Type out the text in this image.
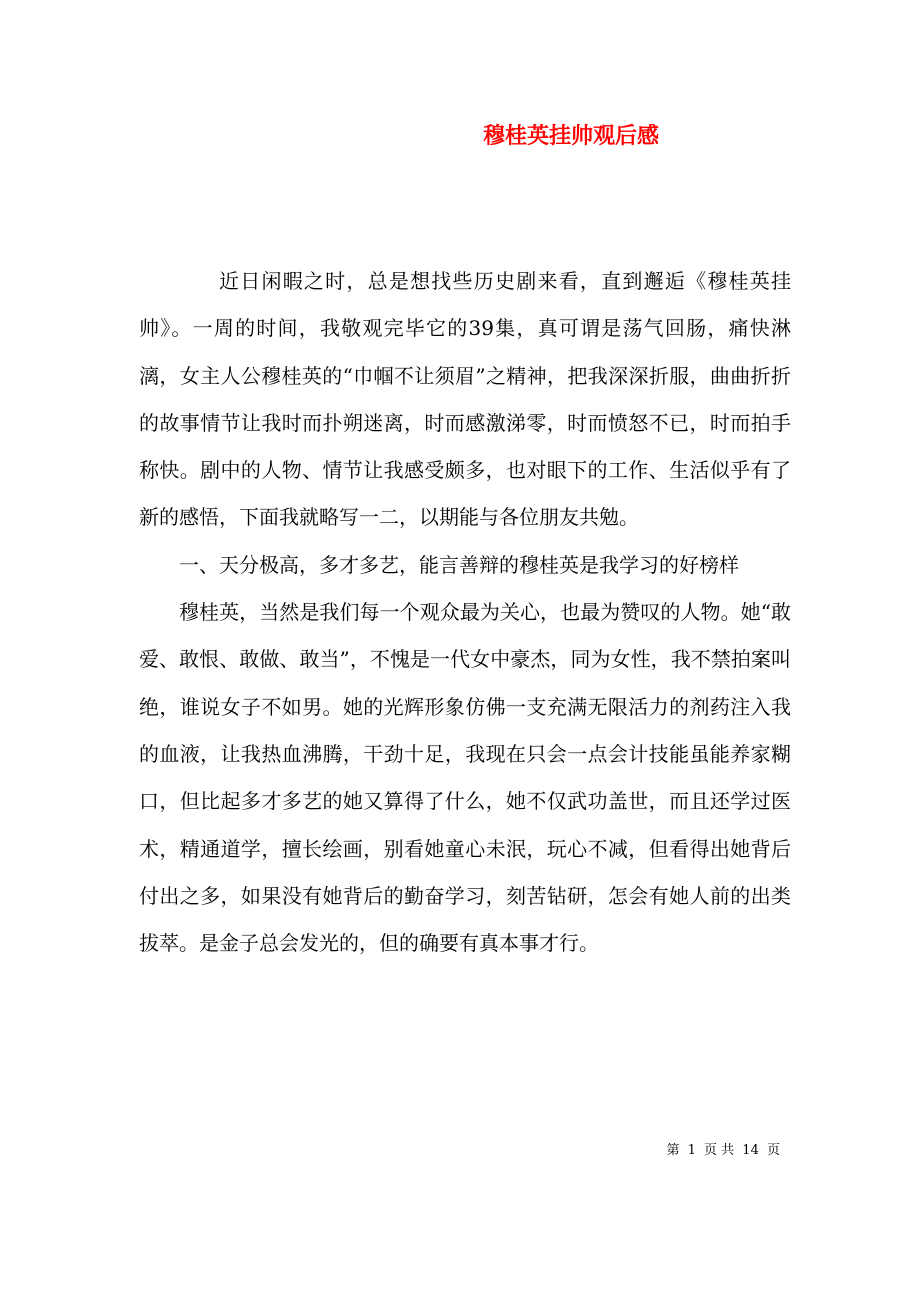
穆桂英挂帅观后感

近日闲暇之时，总是想找些历史剧来看，直到邂逅《穆桂英挂帅》。一周的时间，我敬观完毕它的39集，真可谓是荡气回肠，痛快淋漓，女主人公穆桂英的“巾帼不让须眉”之精神，把我深深折服，曲曲折折的故事情节让我时而扑朔迷离，时而感激涕零，时而愤怒不已，时而拍手称快。剧中的人物、情节让我感受颇多，也对眼下的工作、生活似乎有了新的感悟，下面我就略写一二，以期能与各位朋友共勉。

一、天分极高，多才多艺，能言善辩的穆桂英是我学习的好榜样

穆桂英，当然是我们每一个观众最为关心，也最为赞叹的人物。她“敢爱、敢恨、敢做、敢当”，不愧是一代女中豪杰，同为女性，我不禁拍案叫绝，谁说女子不如男。她的光辉形象仿佛一支充满无限活力的剂药注入我的血液，让我热血沸腾，干劲十足，我现在只会一点会计技能虽能养家糊口，但比起多才多艺的她又算得了什么，她不仅武功盖世，而且还学过医术，精通道学，擅长绘画，别看她童心未泯，玩心不减，但看得出她背后付出之多，如果没有她背后的勤奋学习，刻苦钻研，怎会有她人前的出类拔萃。是金子总会发光的，但的确要有真本事才行。

第 1 页 共 14 页
